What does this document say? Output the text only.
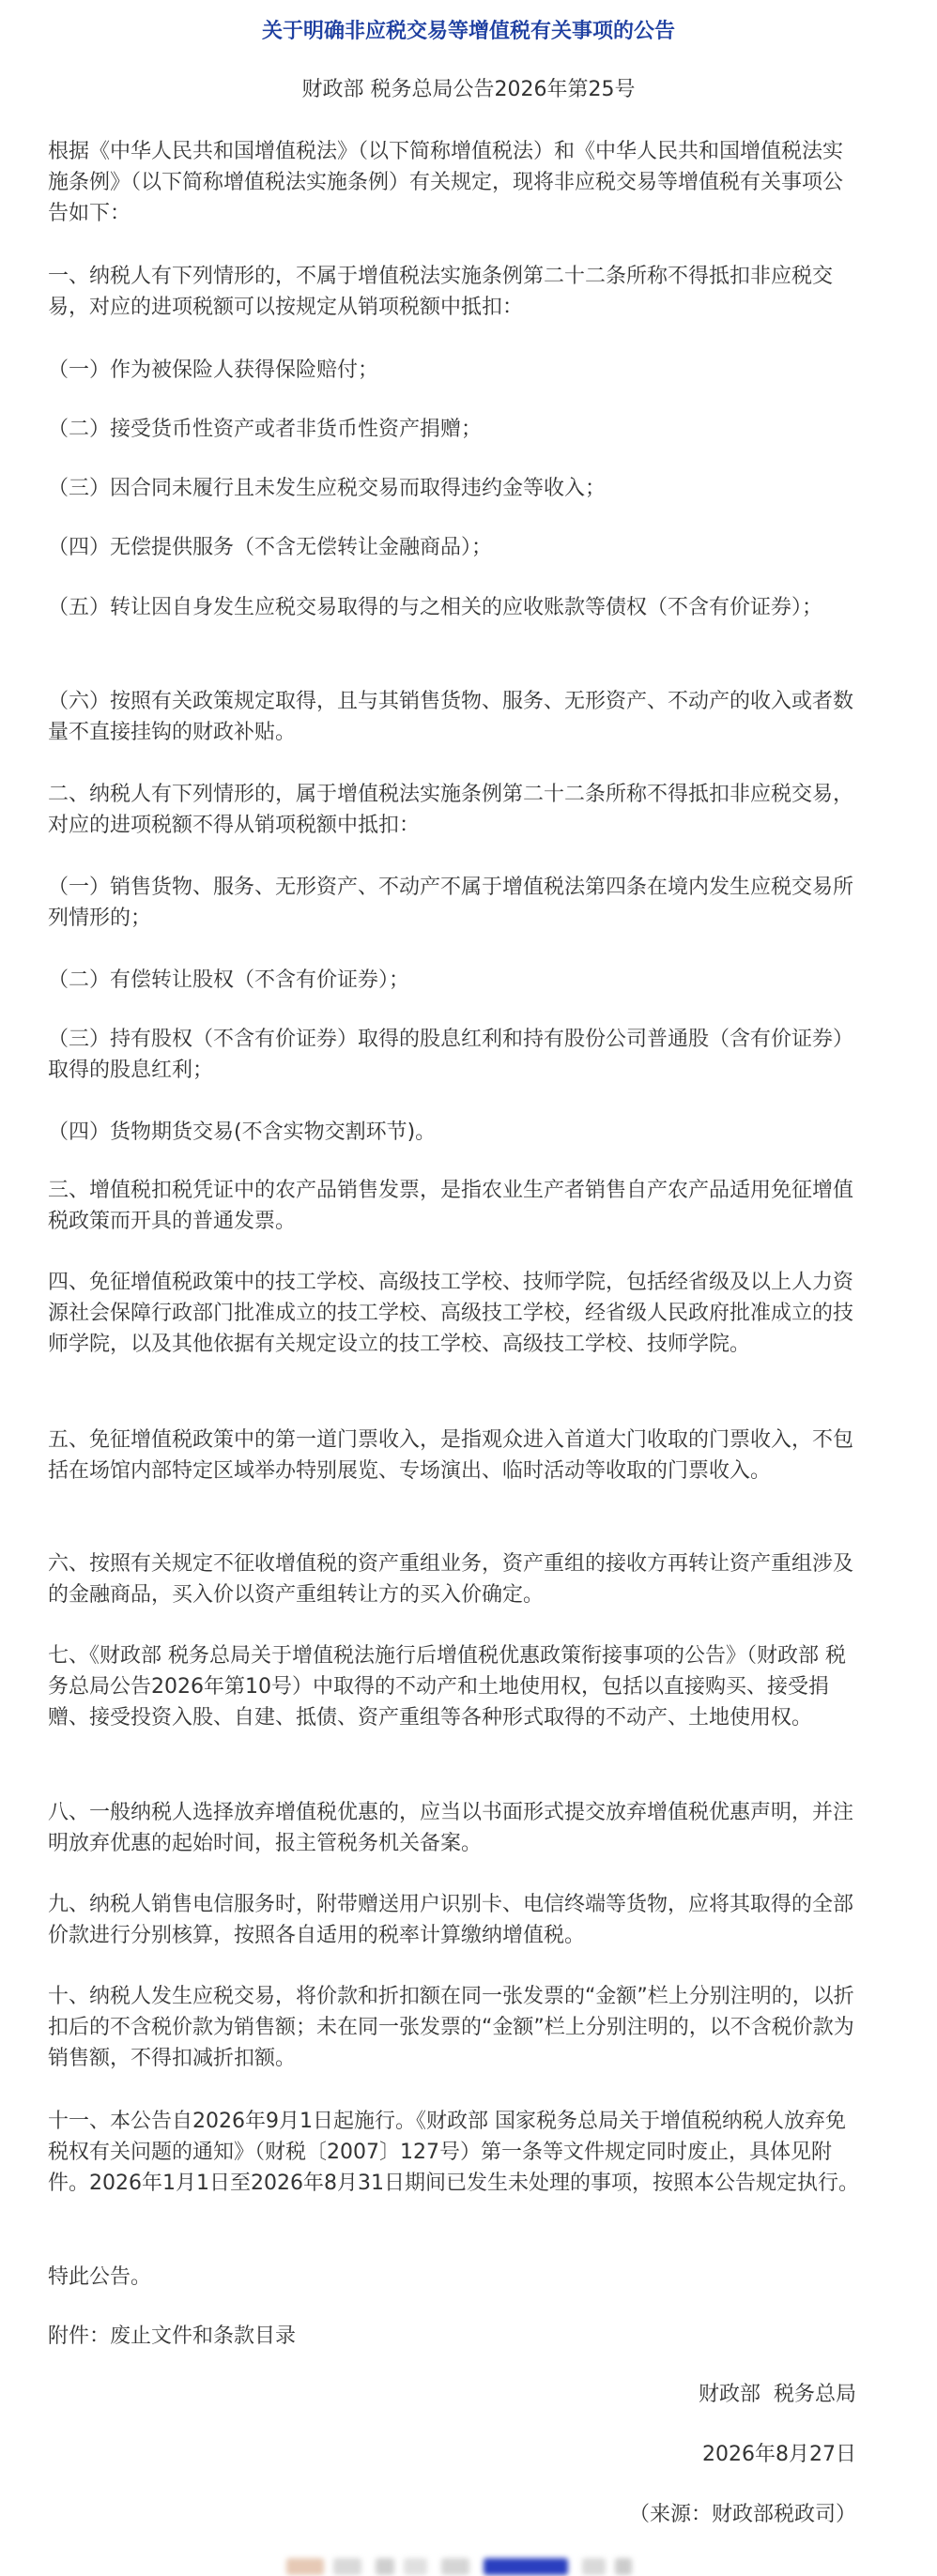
关于明确非应税交易等增值税有关事项的公告
财政部 税务总局公告2026年第25号

根据《中华人民共和国增值税法》（以下简称增值税法）和《中华人民共和国增值税法实施条例》（以下简称增值税法实施条例）有关规定，现将非应税交易等增值税有关事项公告如下：

一、纳税人有下列情形的，不属于增值税法实施条例第二十二条所称不得抵扣非应税交易，对应的进项税额可以按规定从销项税额中抵扣：

（一）作为被保险人获得保险赔付；

（二）接受货币性资产或者非货币性资产捐赠；

（三）因合同未履行且未发生应税交易而取得违约金等收入；

（四）无偿提供服务（不含无偿转让金融商品）；

（五）转让因自身发生应税交易取得的与之相关的应收账款等债权（不含有价证券）；

（六）按照有关政策规定取得，且与其销售货物、服务、无形资产、不动产的收入或者数量不直接挂钩的财政补贴。

二、纳税人有下列情形的，属于增值税法实施条例第二十二条所称不得抵扣非应税交易，对应的进项税额不得从销项税额中抵扣：

（一）销售货物、服务、无形资产、不动产不属于增值税法第四条在境内发生应税交易所列情形的；

（二）有偿转让股权（不含有价证券）；

（三）持有股权（不含有价证券）取得的股息红利和持有股份公司普通股（含有价证券）取得的股息红利；

（四）货物期货交易(不含实物交割环节)。

三、增值税扣税凭证中的农产品销售发票，是指农业生产者销售自产农产品适用免征增值税政策而开具的普通发票。

四、免征增值税政策中的技工学校、高级技工学校、技师学院，包括经省级及以上人力资源社会保障行政部门批准成立的技工学校、高级技工学校，经省级人民政府批准成立的技师学院，以及其他依据有关规定设立的技工学校、高级技工学校、技师学院。

五、免征增值税政策中的第一道门票收入，是指观众进入首道大门收取的门票收入，不包括在场馆内部特定区域举办特别展览、专场演出、临时活动等收取的门票收入。

六、按照有关规定不征收增值税的资产重组业务，资产重组的接收方再转让资产重组涉及的金融商品，买入价以资产重组转让方的买入价确定。

七、《财政部 税务总局关于增值税法施行后增值税优惠政策衔接事项的公告》（财政部 税务总局公告2026年第10号）中取得的不动产和土地使用权，包括以直接购买、接受捐赠、接受投资入股、自建、抵债、资产重组等各种形式取得的不动产、土地使用权。

八、一般纳税人选择放弃增值税优惠的，应当以书面形式提交放弃增值税优惠声明，并注明放弃优惠的起始时间，报主管税务机关备案。

九、纳税人销售电信服务时，附带赠送用户识别卡、电信终端等货物，应将其取得的全部价款进行分别核算，按照各自适用的税率计算缴纳增值税。

十、纳税人发生应税交易，将价款和折扣额在同一张发票的“金额”栏上分别注明的，以折扣后的不含税价款为销售额；未在同一张发票的“金额”栏上分别注明的，以不含税价款为销售额，不得扣减折扣额。

十一、本公告自2026年9月1日起施行。《财政部 国家税务总局关于增值税纳税人放弃免税权有关问题的通知》（财税〔2007〕127号）第一条等文件规定同时废止，具体见附件。2026年1月1日至2026年8月31日期间已发生未处理的事项，按照本公告规定执行。

特此公告。

附件：废止文件和条款目录

财政部  税务总局
2026年8月27日
（来源：财政部税政司）
